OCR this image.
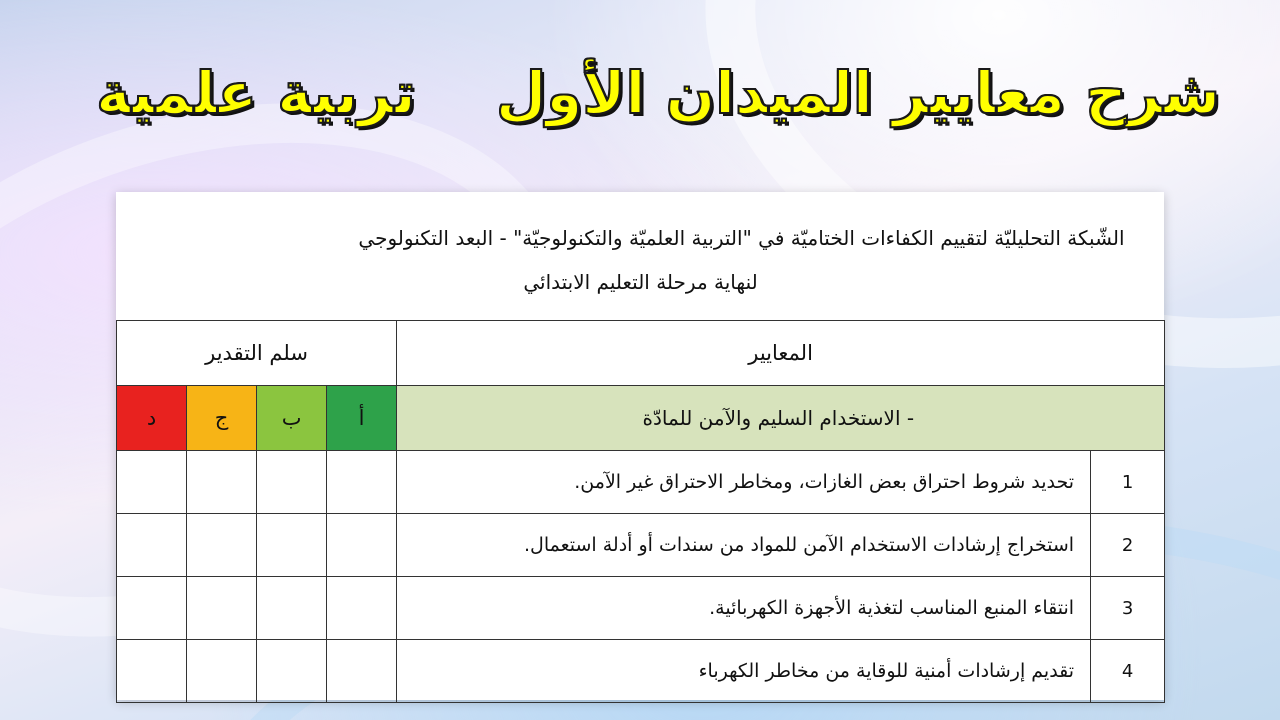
شرح معايير الميدان الأول تربية علمية
الشّبكة التحليليّة لتقييم الكفاءات الختاميّة في "التربية العلميّة والتكنولوجيّة" - البعد التكنولوجي
لنهاية مرحلة التعليم الابتدائي					

المعايير		سلم التقدير			
- الاستخدام السليم والآمن للمادّة		أ	ب	ج	د
1	تحديد شروط احتراق بعض الغازات، ومخاطر الاحتراق غير الآمن.				
2	استخراج إرشادات الاستخدام الآمن للمواد من سندات أو أدلة استعمال.				
3	انتقاء المنبع المناسب لتغذية الأجهزة الكهربائية.				
4	تقديم إرشادات أمنية للوقاية من مخاطر الكهرباء				
